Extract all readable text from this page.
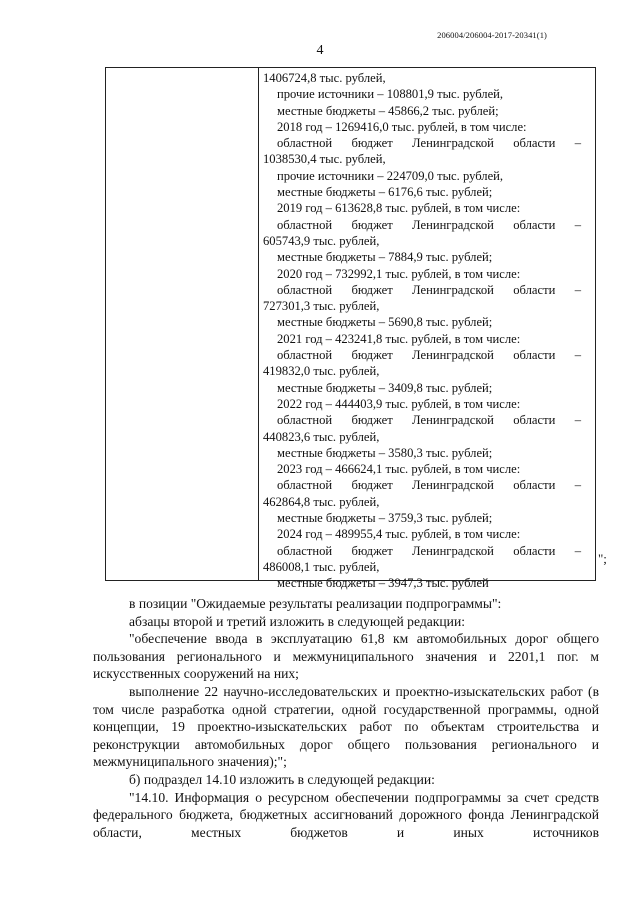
206004/206004-2017-20341(1)
4
1406724,8 тыс. рублей,
прочие источники – 108801,9 тыс. рублей,
местные бюджеты – 45866,2 тыс. рублей;
2018 год – 1269416,0 тыс. рублей, в том числе:
областной бюджет Ленинградской области –
1038530,4 тыс. рублей,
прочие источники – 224709,0 тыс. рублей,
местные бюджеты – 6176,6 тыс. рублей;
2019 год – 613628,8 тыс. рублей, в том числе:
областной бюджет Ленинградской области –
605743,9 тыс. рублей,
местные бюджеты – 7884,9 тыс. рублей;
2020 год – 732992,1 тыс. рублей, в том числе:
областной бюджет Ленинградской области –
727301,3 тыс. рублей,
местные бюджеты – 5690,8 тыс. рублей;
2021 год – 423241,8 тыс. рублей, в том числе:
областной бюджет Ленинградской области –
419832,0 тыс. рублей,
местные бюджеты – 3409,8 тыс. рублей;
2022 год – 444403,9 тыс. рублей, в том числе:
областной бюджет Ленинградской области –
440823,6 тыс. рублей,
местные бюджеты – 3580,3 тыс. рублей;
2023 год – 466624,1 тыс. рублей, в том числе:
областной бюджет Ленинградской области –
462864,8 тыс. рублей,
местные бюджеты – 3759,3 тыс. рублей;
2024 год – 489955,4 тыс. рублей, в том числе:
областной бюджет Ленинградской области –
486008,1 тыс. рублей,
местные бюджеты – 3947,3 тыс. рублей
";
в позиции "Ожидаемые результаты реализации подпрограммы":
абзацы второй и третий изложить в следующей редакции:
"обеспечение ввода в эксплуатацию 61,8 км автомобильных дорог общего пользования регионального и межмуниципального значения и 2201,1 пог. м искусственных сооружений на них;
выполнение 22 научно-исследовательских и проектно-изыскательских работ (в том числе разработка одной стратегии, одной государственной программы, одной концепции, 19 проектно-изыскательских работ по объектам строительства и реконструкции автомобильных дорог общего пользования регионального и межмуниципального значения);";
б) подраздел 14.10 изложить в следующей редакции:
"14.10. Информация о ресурсном обеспечении подпрограммы за счет средств федерального бюджета, бюджетных ассигнований дорожного фонда Ленинградской области, местных бюджетов и иных источников
